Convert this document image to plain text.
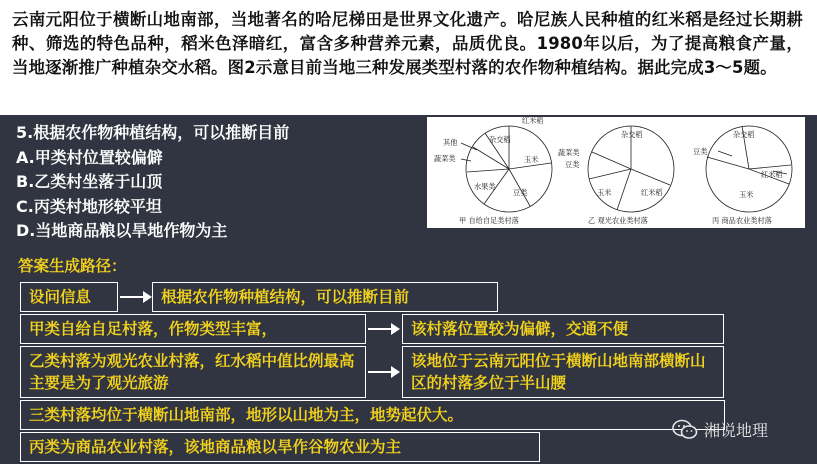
云南元阳位于横断山地南部，当地著名的哈尼梯田是世界文化遗产。哈尼族人民种植的红米稻是经过长期耕种、筛选的特色品种，稻米色泽暗红，富含多种营养元素，品质优良。1980年以后，为了提高粮食产量，当地逐渐推广种植杂交水稻。图2示意目前当地三种发展类型村落的农作物种植结构。据此完成3〜5题。

5.根据农作物种植结构，可以推断目前
A.甲类村位置较偏僻
B.乙类村坐落于山顶
C.丙类村地形较平坦
D.当地商品粮以旱地作物为主
红米稻
杂交稻
其他
蔬菜类
水果类
豆类
玉米
甲 自给自足类村落
杂交稻
蔬菜类
豆类
玉米	红米稻
乙 观光农业类村落
杂交稻
豆类
红米稻
玉米
丙 商品农业类村落
答案生成路径：
设问信息	根据农作物种植结构，可以推断目前
甲类自给自足村落，作物类型丰富，	该村落位置较为偏僻，交通不便
乙类村落为观光农业村落，红水稻中值比例最高主要是为了观光旅游
该地位于云南元阳位于横断山地南部横断山区的村落多位于半山腰
三类村落均位于横断山地南部，地形以山地为主，地势起伏大。
丙类为商品农业村落，该地商品粮以旱作谷物农业为主
湘说地理
